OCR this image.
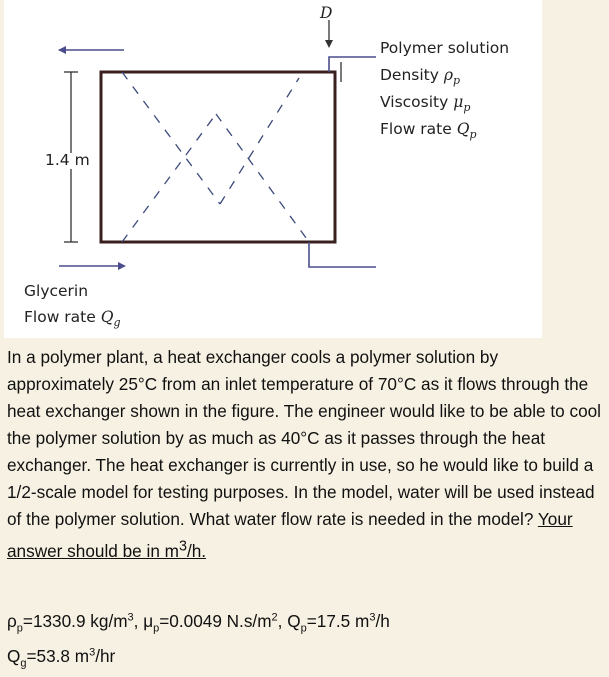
D
1.4 m
Polymer solution
Density $\rho_p$
Viscosity $\mu_p$
Flow rate $Q_p$
Glycerin
Flow rate $Q_g$
In a polymer plant, a heat exchanger cools a polymer solution by approximately 25°C from an inlet temperature of 70°C as it flows through the heat exchanger shown in the figure. The engineer would like to be able to cool the polymer solution by as much as 40°C as it passes through the heat exchanger. The heat exchanger is currently in use, so he would like to build a 1/2-scale model for testing purposes. In the model, water will be used instead of the polymer solution. What water flow rate is needed in the model? Your answer should be in $m^3/h$.
$\rho_p=1330.9$ $kg/m^3$, $\mu_p=0.0049$ $N.s/m^2$, $Q_p=17.5$ $m^3/h$
$Q_g=53.8$ $m^3/hr$
